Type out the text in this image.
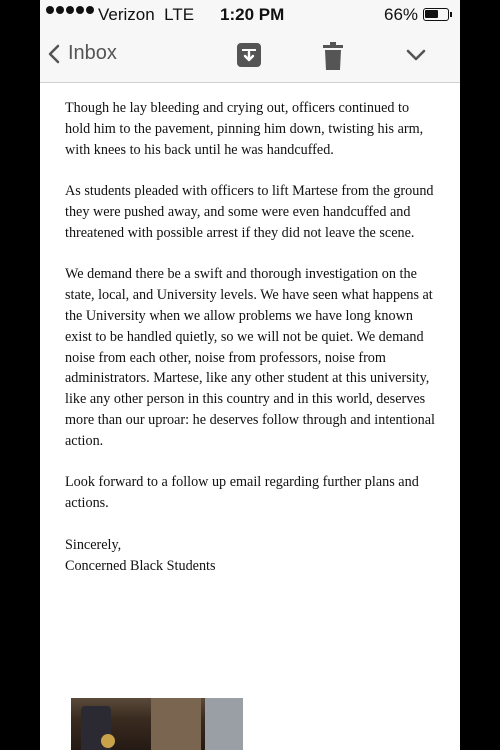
Verizon LTE 1:20 PM	66%
Inbox

Though he lay bleeding and crying out, officers continued to hold him to the pavement, pinning him down, twisting his arm, with knees to his back until he was handcuffed.

As students pleaded with officers to lift Martese from the ground they were pushed away, and some were even handcuffed and threatened with possible arrest if they did not leave the scene.

We demand there be a swift and thorough investigation on the state, local, and University levels. We have seen what happens at the University when we allow problems we have long known exist to be handled quietly, so we will not be quiet. We demand noise from each other, noise from professors, noise from administrators. Martese, like any other student at this university, like any other person in this country and in this world, deserves more than our uproar: he deserves follow through and intentional action.

Look forward to a follow up email regarding further plans and actions.

Sincerely,
Concerned Black Students
